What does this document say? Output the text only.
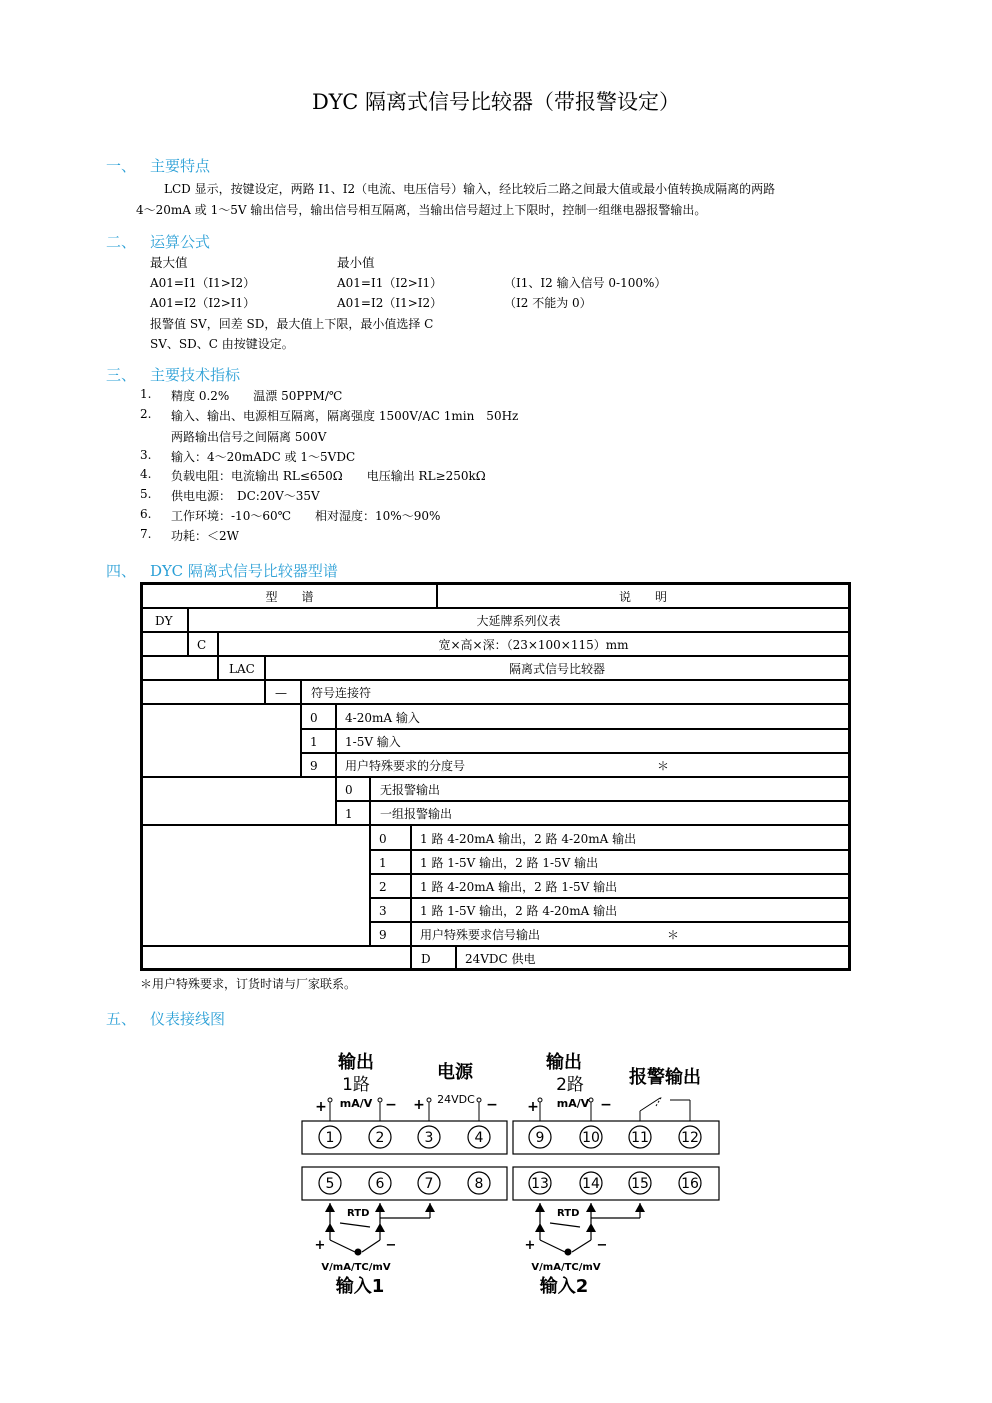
DYC 隔离式信号比较器（带报警设定）
一、 主要特点
LCD 显示，按键设定，两路 I1、I2（电流、电压信号）输入，经比较后二路之间最大值或最小值转换成隔离的两路
4～20mA 或 1～5V 输出信号，输出信号相互隔离，当输出信号超过上下限时，控制一组继电器报警输出。
二、 运算公式
最大值	最小值
A01=I1（I1>I2）	A01=I1（I2>I1）	（I1、I2 输入信号 0-100%）
A01=I2（I2>I1）	A01=I2（I1>I2）	（I2 不能为 0）
报警值 SV，回差 SD，最大值上下限，最小值选择 C
SV、SD、C 由按键设定。
三、 主要技术指标
1. 精度 0.2%　　温漂 50PPM/℃
2. 输入、输出、电源相互隔离，隔离强度 1500V/AC 1min　50Hz
两路输出信号之间隔离 500V
3. 输入：4～20mADC 或 1～5VDC
4. 负载电阻：电流输出 RL≤650Ω　　电压输出 RL≥250kΩ
5. 供电电源：　DC:20V～35V
6. 工作环境：-10～60℃　　相对湿度：10%～90%
7. 功耗：＜2W
四、 DYC 隔离式信号比较器型谱
型　　谱	说　　明
DY	大延牌系列仪表
C	宽×高×深：（23×100×115）mm
LAC	隔离式信号比较器
—	符号连接符
0	4-20mA 输入
1	1-5V 输入
9	用户特殊要求的分度号	＊
0	无报警输出
1	一组报警输出
0	1 路 4-20mA 输出，2 路 4-20mA 输出
1	1 路 1-5V 输出，2 路 1-5V 输出
2	1 路 4-20mA 输出，2 路 1-5V 输出
3	1 路 1-5V 输出，2 路 4-20mA 输出
9	用户特殊要求信号输出	＊
D	24VDC 供电
＊用户特殊要求，订货时请与厂家联系。
五、 仪表接线图
1	2	3	4
5	6	7	8
9	10 11 12
13 14 15 16
输出
1路
电源	输出
2路	报警输出
mA/V	24VDC	mA/V
+	− +	− +	−
RTD	RTD
+	−	+	−
V/mA/TC/mV	V/mA/TC/mV
输入1	输入2
